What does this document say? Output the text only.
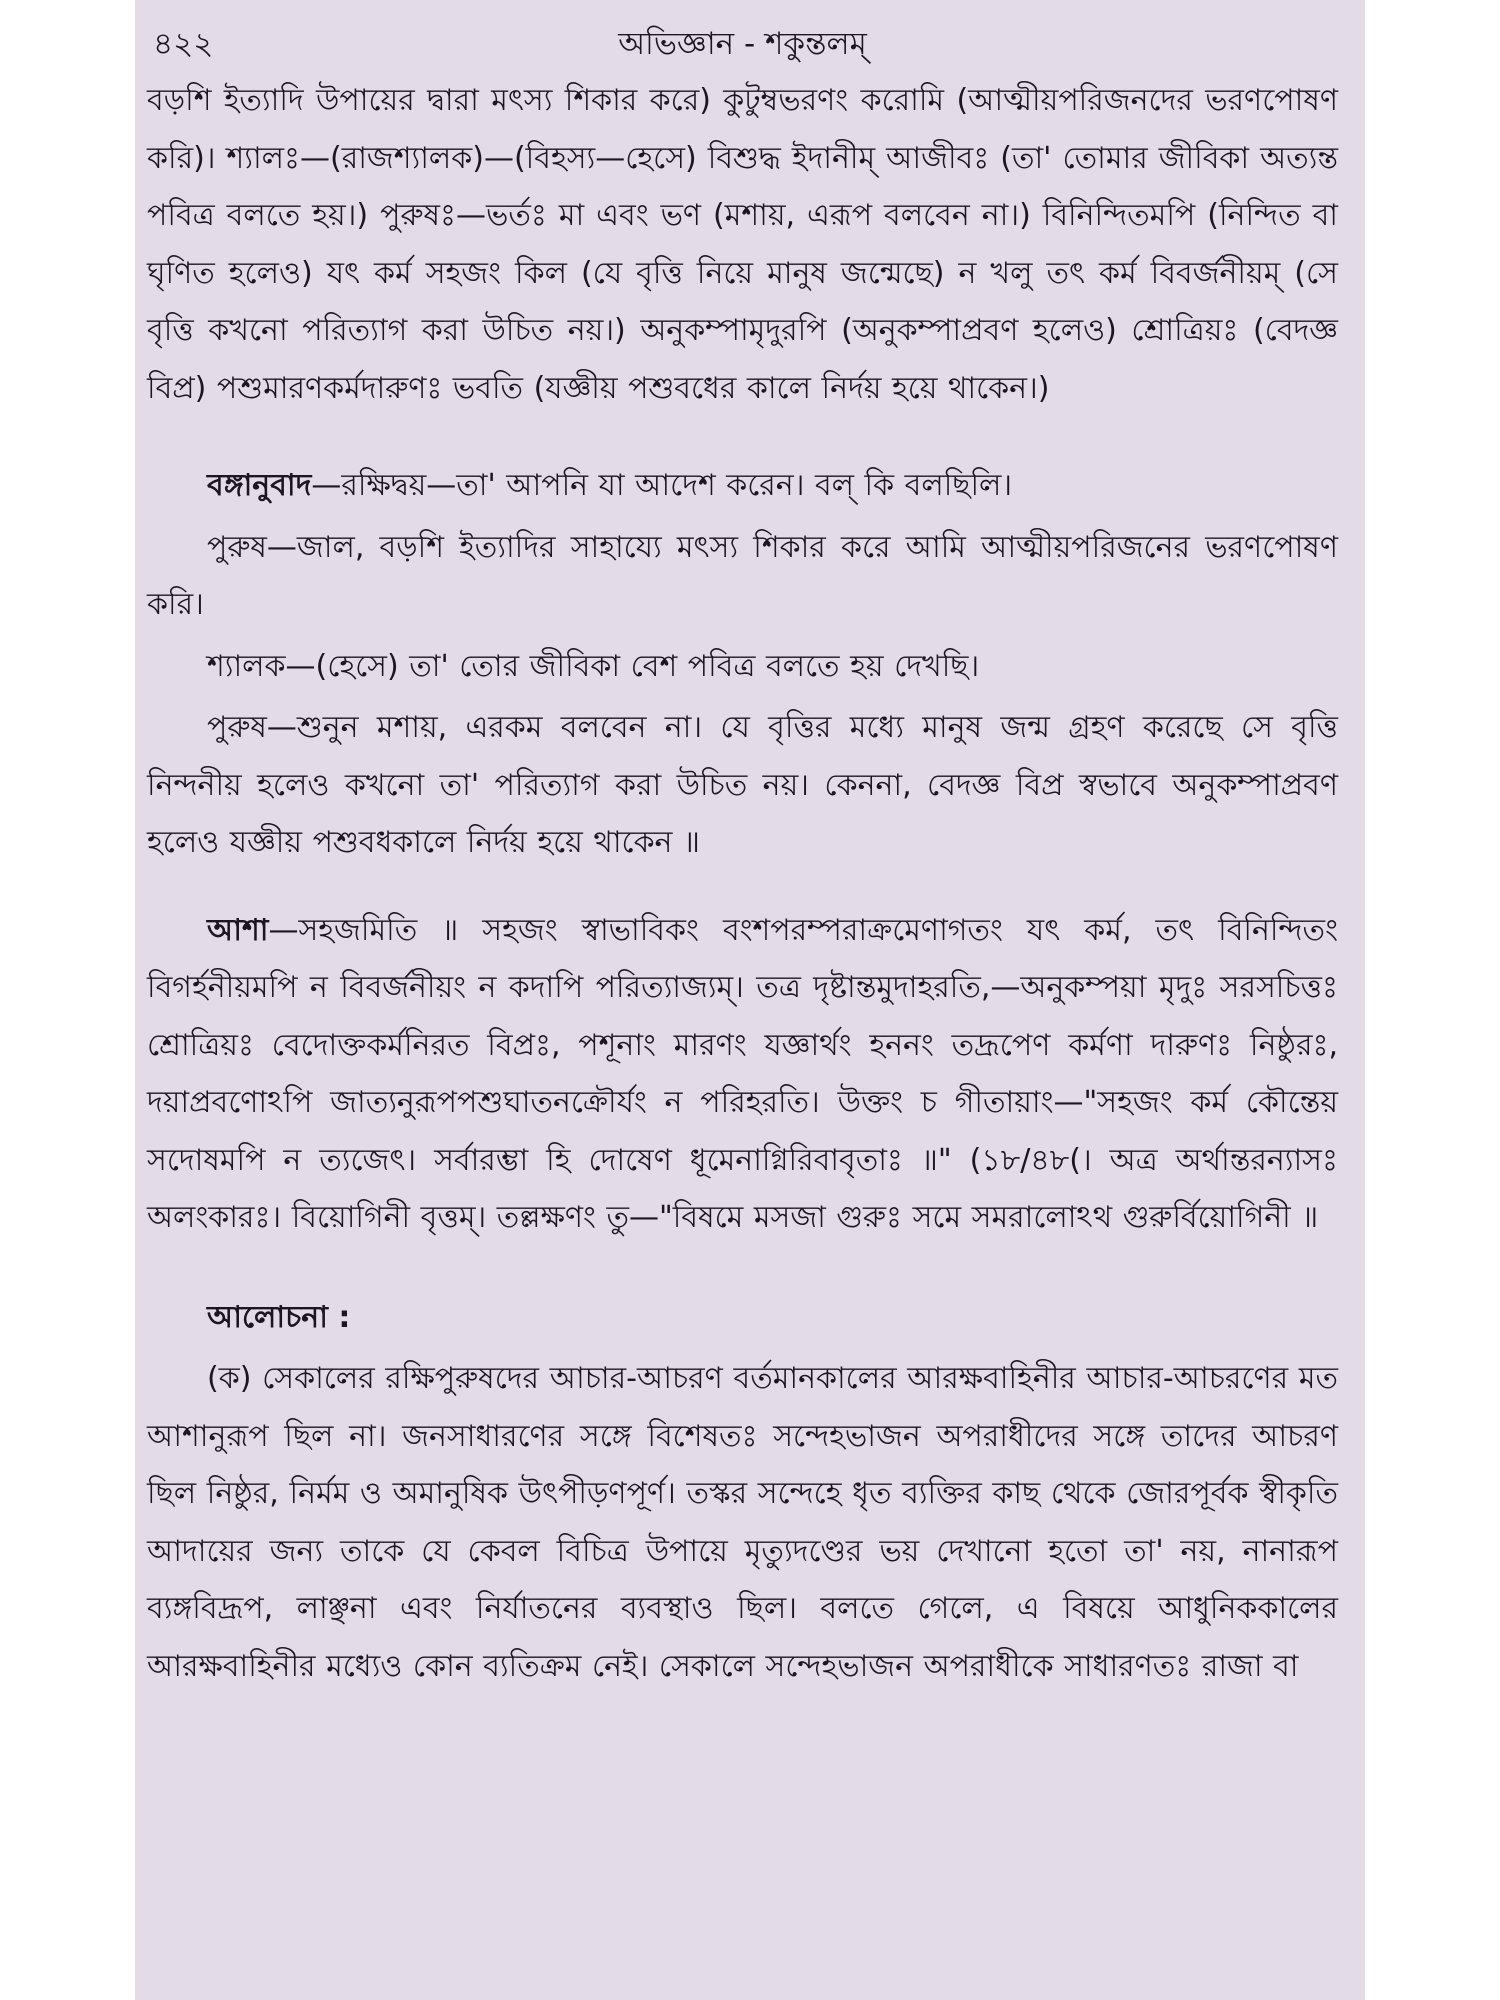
৪২২	অভিজ্ঞান - শকুন্তলম্

বড়শি ইত্যাদি উপায়ের দ্বারা মৎস্য শিকার করে) কুটুম্বভরণং করোমি (আত্মীয়পরিজনদের ভরণপোষণ করি)। শ্যালঃ—(রাজশ্যালক)—(বিহস্য—হেসে) বিশুদ্ধ ইদানীম্ আজীবঃ (তা' তোমার জীবিকা অত্যন্ত পবিত্র বলতে হয়।) পুরুষঃ—ভর্তঃ মা এবং ভণ (মশায়, এরূপ বলবেন না।) বিনিন্দিতমপি (নিন্দিত বা ঘৃণিত হলেও) যৎ কর্ম সহজং কিল (যে বৃত্তি নিয়ে মানুষ জন্মেছে) ন খলু তৎ কর্ম বিবর্জনীয়ম্ (সে বৃত্তি কখনো পরিত্যাগ করা উচিত নয়।) অনুকম্পামৃদুরপি (অনুকম্পাপ্রবণ হলেও) শ্রোত্রিয়ঃ (বেদজ্ঞ বিপ্র) পশুমারণকর্মদারুণঃ ভবতি (যজ্ঞীয় পশুবধের কালে নির্দয় হয়ে থাকেন।)

বঙ্গানুবাদ—রক্ষিদ্বয়—তা' আপনি যা আদেশ করেন। বল্ কি বলছিলি।

পুরুষ—জাল, বড়শি ইত্যাদির সাহায্যে মৎস্য শিকার করে আমি আত্মীয়পরিজনের ভরণপোষণ করি।

শ্যালক—(হেসে) তা' তোর জীবিকা বেশ পবিত্র বলতে হয় দেখছি।

পুরুষ—শুনুন মশায়, এরকম বলবেন না। যে বৃত্তির মধ্যে মানুষ জন্ম গ্রহণ করেছে সে বৃত্তি নিন্দনীয় হলেও কখনো তা' পরিত্যাগ করা উচিত নয়। কেননা, বেদজ্ঞ বিপ্র স্বভাবে অনুকম্পাপ্রবণ হলেও যজ্ঞীয় পশুবধকালে নির্দয় হয়ে থাকেন ॥

আশা—সহজমিতি ॥ সহজং স্বাভাবিকং বংশপরম্পরাক্রমেণাগতং যৎ কর্ম, তৎ বিনিন্দিতং বিগর্হনীয়মপি ন বিবর্জনীয়ং ন কদাপি পরিত্যাজ্যম্। তত্র দৃষ্টান্তমুদাহরতি,—অনুকম্পয়া মৃদুঃ সরসচিত্তঃ শ্রোত্রিয়ঃ বেদোক্তকর্মনিরত বিপ্রঃ, পশূনাং মারণং যজ্ঞার্থং হননং তদ্রূপেণ কর্মণা দারুণঃ নিষ্ঠুরঃ, দয়াপ্রবণোঽপি জাত্যনুরূপপশুঘাতনক্রৌর্যং ন পরিহরতি। উক্তং চ গীতায়াং—"সহজং কর্ম কৌন্তেয় সদোষমপি ন ত্যজেৎ। সর্বারম্ভা হি দোষেণ ধূমেনাগ্নিরিবাবৃতাঃ ॥" (১৮/৪৮(। অত্র অর্থান্তরন্যাসঃ অলংকারঃ। বিয়োগিনী বৃত্তম্। তল্লক্ষণং তু—"বিষমে মসজা গুরুঃ সমে সমরালোঽথ গুরুর্বিয়োগিনী ॥

আলোচনা :

(ক) সেকালের রক্ষিপুরুষদের আচার-আচরণ বর্তমানকালের আরক্ষবাহিনীর আচার-আচরণের মত আশানুরূপ ছিল না। জনসাধারণের সঙ্গে বিশেষতঃ সন্দেহভাজন অপরাধীদের সঙ্গে তাদের আচরণ ছিল নিষ্ঠুর, নির্মম ও অমানুষিক উৎপীড়ণপূর্ণ। তস্কর সন্দেহে ধৃত ব্যক্তির কাছ থেকে জোরপূর্বক স্বীকৃতি আদায়ের জন্য তাকে যে কেবল বিচিত্র উপায়ে মৃত্যুদণ্ডের ভয় দেখানো হতো তা' নয়, নানারূপ ব্যঙ্গবিদ্রূপ, লাঞ্ছনা এবং নির্যাতনের ব্যবস্থাও ছিল। বলতে গেলে, এ বিষয়ে আধুনিককালের আরক্ষবাহিনীর মধ্যেও কোন ব্যতিক্রম নেই। সেকালে সন্দেহভাজন অপরাধীকে সাধারণতঃ রাজা বা
